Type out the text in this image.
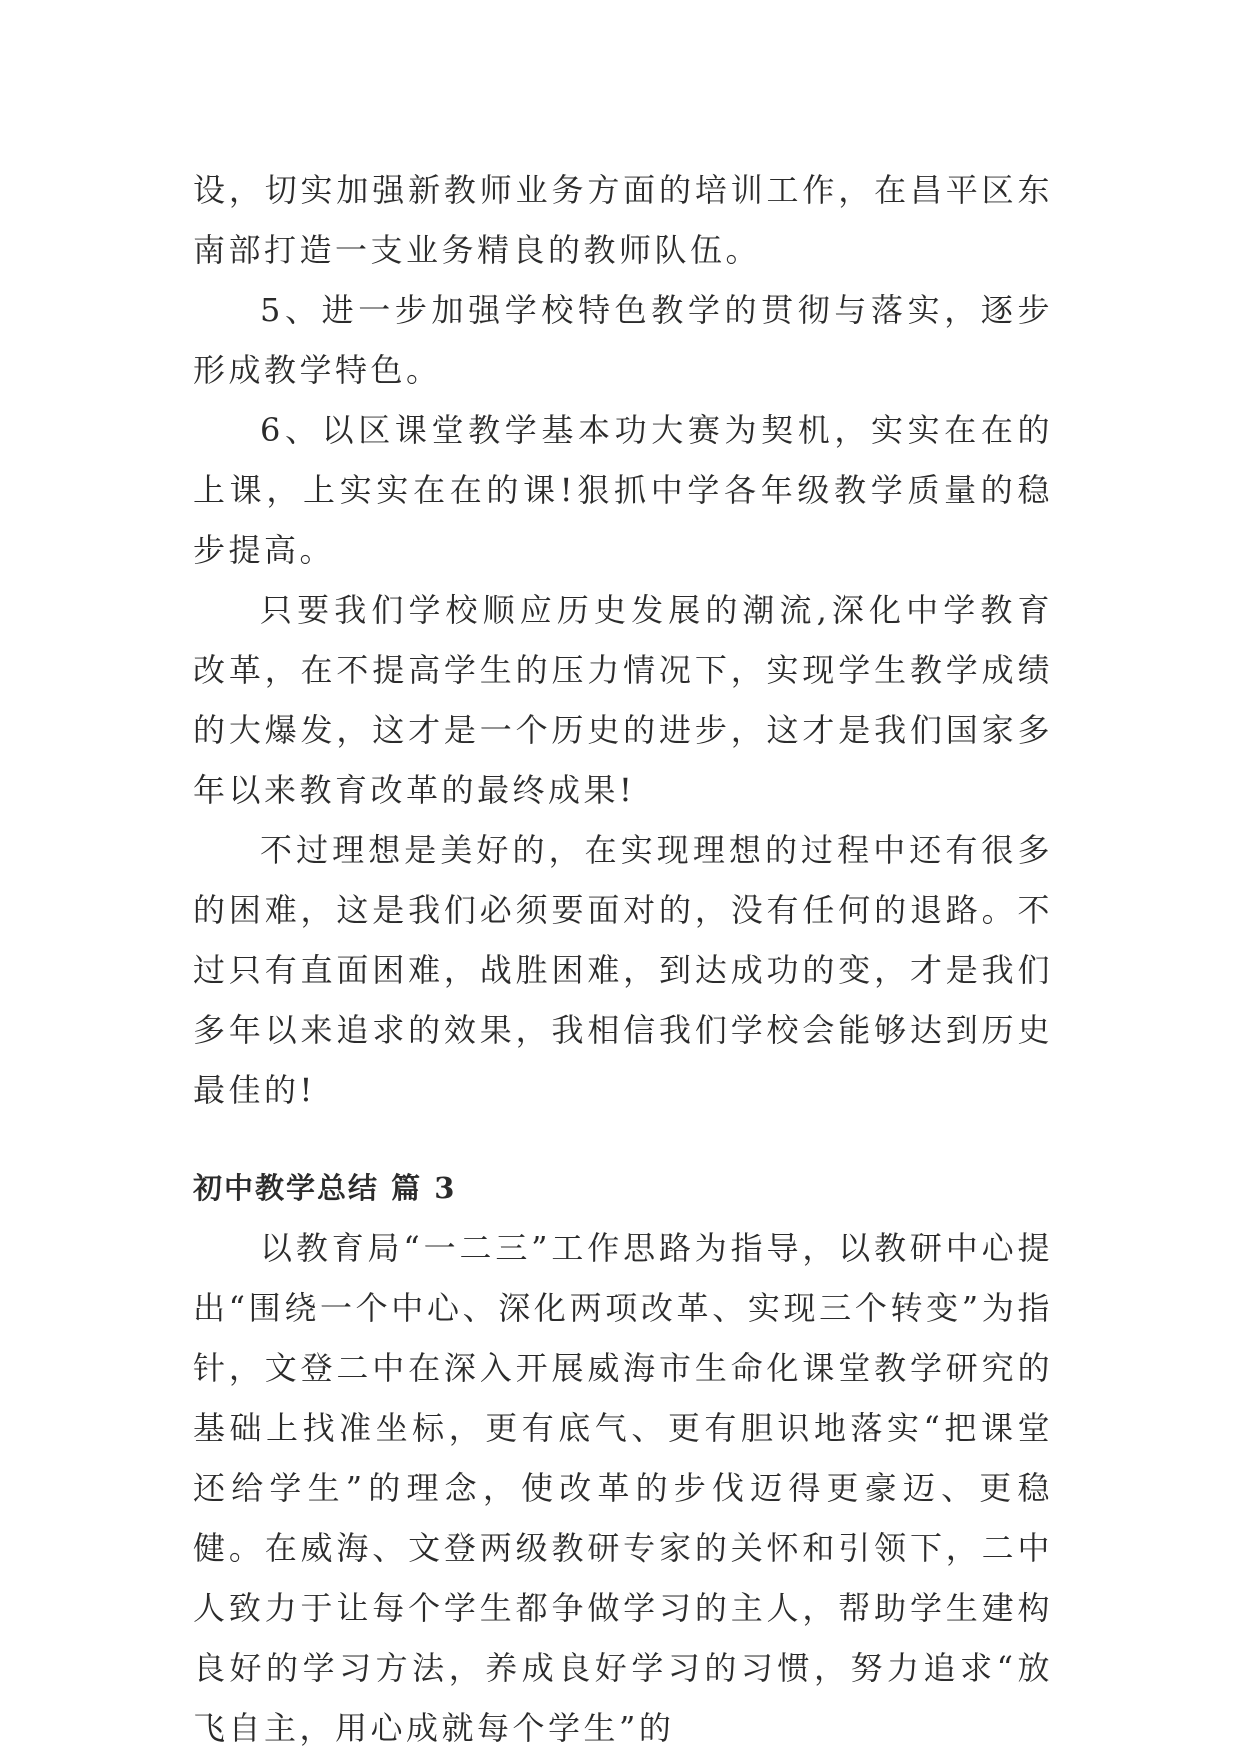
设，切实加强新教师业务方面的培训工作，在昌平区东南部打造一支业务精良的教师队伍。

5、进一步加强学校特色教学的贯彻与落实，逐步形成教学特色。

6、以区课堂教学基本功大赛为契机，实实在在的上课，上实实在在的课!狠抓中学各年级教学质量的稳步提高。

只要我们学校顺应历史发展的潮流,深化中学教育改革，在不提高学生的压力情况下，实现学生教学成绩的大爆发，这才是一个历史的进步，这才是我们国家多年以来教育改革的最终成果!

不过理想是美好的，在实现理想的过程中还有很多的困难，这是我们必须要面对的，没有任何的退路。不过只有直面困难，战胜困难，到达成功的变，才是我们多年以来追求的效果，我相信我们学校会能够达到历史最佳的!

初中教学总结 篇 3

以教育局“一二三”工作思路为指导，以教研中心提出“围绕一个中心、深化两项改革、实现三个转变”为指针，文登二中在深入开展威海市生命化课堂教学研究的基础上找准坐标，更有底气、更有胆识地落实“把课堂还给学生”的理念，使改革的步伐迈得更豪迈、更稳健。在威海、文登两级教研专家的关怀和引领下，二中人致力于让每个学生都争做学习的主人，帮助学生建构良好的学习方法，养成良好学习的习惯，努力追求“放飞自主，用心成就每个学生”的
